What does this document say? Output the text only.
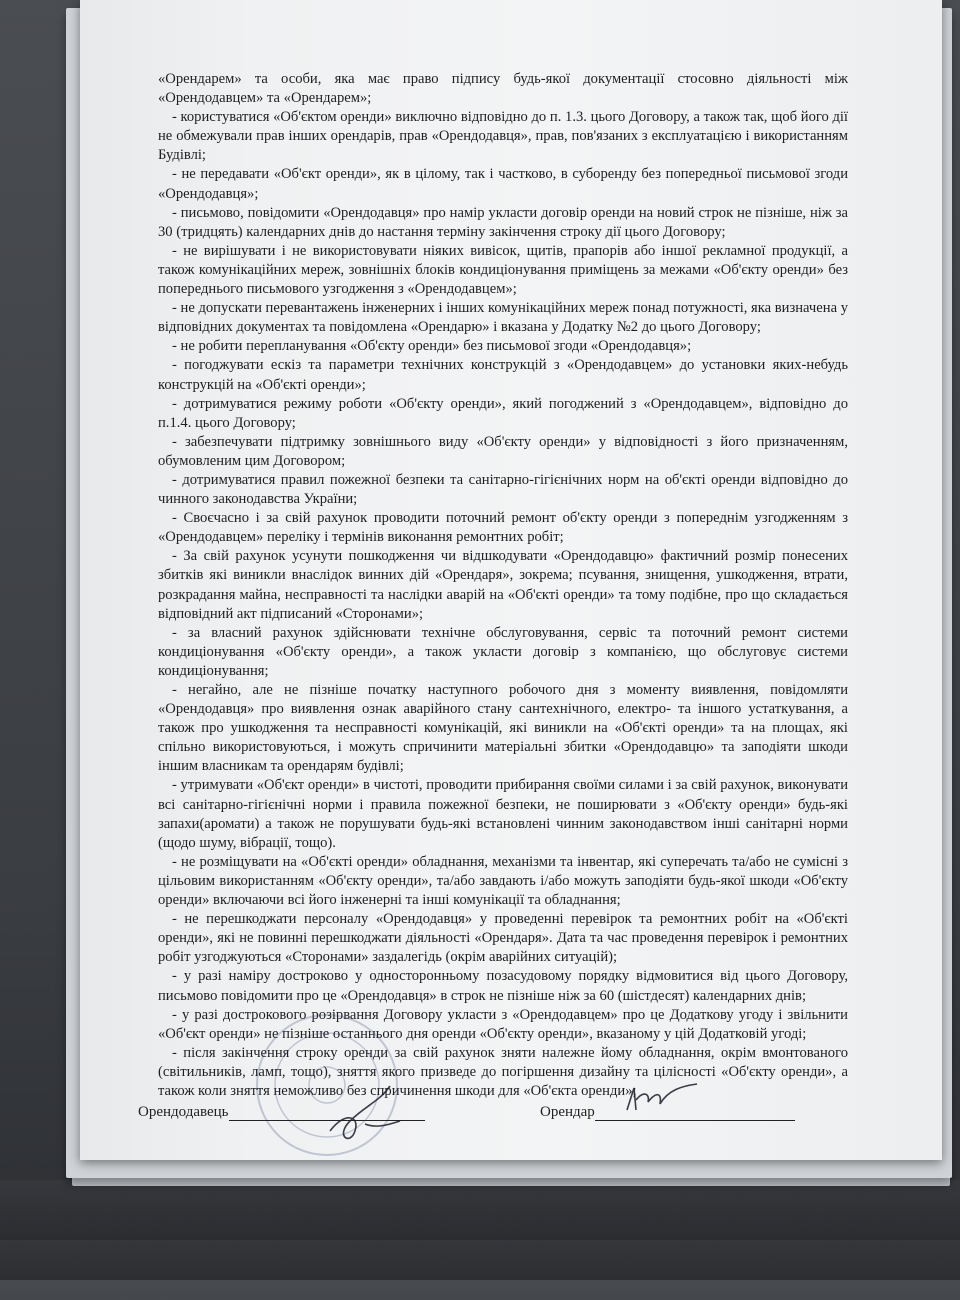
«Орендарем» та особи, яка має право підпису будь-якої документації стосовно діяльності між «Орендодавцем» та «Орендарем»;

- користуватися «Об'єктом оренди» виключно відповідно до п. 1.3. цього Договору, а також так, щоб його дії не обмежували прав інших орендарів, прав «Орендодавця», прав, пов'язаних з експлуатацією і використанням Будівлі;

- не передавати «Об'єкт оренди», як в цілому, так і частково, в суборенду без попередньої письмової згоди «Орендодавця»;

- письмово, повідомити «Орендодавця» про намір укласти договір оренди на новий строк не пізніше, ніж за 30 (тридцять) календарних днів до настання терміну закінчення строку дії цього Договору;

- не вирішувати і не використовувати ніяких вивісок, щитів, прапорів або іншої рекламної продукції, а також комунікаційних мереж, зовнішніх блоків кондиціонування приміщень за межами «Об'єкту оренди» без попереднього письмового узгодження з «Орендодавцем»;

- не допускати перевантажень інженерних і інших комунікаційних мереж понад потужності, яка визначена у відповідних документах та повідомлена «Орендарю» і вказана у Додатку №2 до цього Договору;

- не робити перепланування «Об'єкту оренди» без письмової згоди «Орендодавця»;

- погоджувати ескіз та параметри технічних конструкцій з «Орендодавцем» до установки яких-небудь конструкцій на «Об'єкті оренди»;

- дотримуватися режиму роботи «Об'єкту оренди», який погоджений з «Орендодавцем», відповідно до п.1.4. цього Договору;

- забезпечувати підтримку зовнішнього виду «Об'єкту оренди» у відповідності з його призначенням, обумовленим цим Договором;

- дотримуватися правил пожежної безпеки та санітарно-гігієнічних норм на об'єкті оренди відповідно до чинного законодавства України;

- Своєчасно і за свій рахунок проводити поточний ремонт об'єкту оренди з попереднім узгодженням з «Орендодавцем» переліку і термінів виконання ремонтних робіт;

- За свій рахунок усунути пошкодження чи відшкодувати «Орендодавцю» фактичний розмір понесених збитків які виникли внаслідок винних дій «Орендаря», зокрема; псування, знищення, ушкодження, втрати, розкрадання майна, несправності та наслідки аварій на «Об'єкті оренди» та тому подібне, про що складається відповідний акт підписаний «Сторонами»;

- за власний рахунок здійснювати технічне обслуговування, сервіс та поточний ремонт системи кондиціонування «Об'єкту оренди», а також укласти договір з компанією, що обслуговує системи кондиціонування;

- негайно, але не пізніше початку наступного робочого дня з моменту виявлення, повідомляти «Орендодавця» про виявлення ознак аварійного стану сантехнічного, електро- та іншого устаткування, а також про ушкодження та несправності комунікацій, які виникли на «Об'єкті оренди» та на площах, які спільно використовуються, і можуть спричинити матеріальні збитки «Орендодавцю» та заподіяти шкоди іншим власникам та орендарям будівлі;

- утримувати «Об'єкт оренди» в чистоті, проводити прибирання своїми силами і за свій рахунок, виконувати всі санітарно-гігієнічні норми і правила пожежної безпеки, не поширювати з «Об'єкту оренди» будь-які запахи(аромати) а також не порушувати будь-які встановлені чинним законодавством інші санітарні норми (щодо шуму, вібрації, тощо).

- не розміщувати на «Об'єкті оренди» обладнання, механізми та інвентар, які суперечать та/або не сумісні з цільовим використанням «Об'єкту оренди», та/або завдають і/або можуть заподіяти будь-якої шкоди «Об'єкту оренди» включаючи всі його інженерні та інші комунікації та обладнання;

- не перешкоджати персоналу «Орендодавця» у проведенні перевірок та ремонтних робіт на «Об'єкті оренди», які не повинні перешкоджати діяльності «Орендаря». Дата та час проведення перевірок і ремонтних робіт узгоджуються «Сторонами» заздалегідь (окрім аварійних ситуацій);

- у разі наміру достроково у односторонньому позасудовому порядку відмовитися від цього Договору, письмово повідомити про це «Орендодавця» в строк не пізніше ніж за 60 (шістдесят) календарних днів;

- у разі дострокового розірвання Договору укласти з «Орендодавцем» про це Додаткову угоду і звільнити «Об'єкт оренди» не пізніше останнього дня оренди «Об'єкту оренди», вказаному у цій Додатковій угоді;

- після закінчення строку оренди за свій рахунок зняти належне йому обладнання, окрім вмонтованого (світильників, ламп, тощо), зняття якого призведе до погіршення дизайну та цілісності «Об'єкту оренди», а також коли зняття неможливо без спричинення шкоди для «Об'єкта оренди»;

Орендодавець	Орендар
